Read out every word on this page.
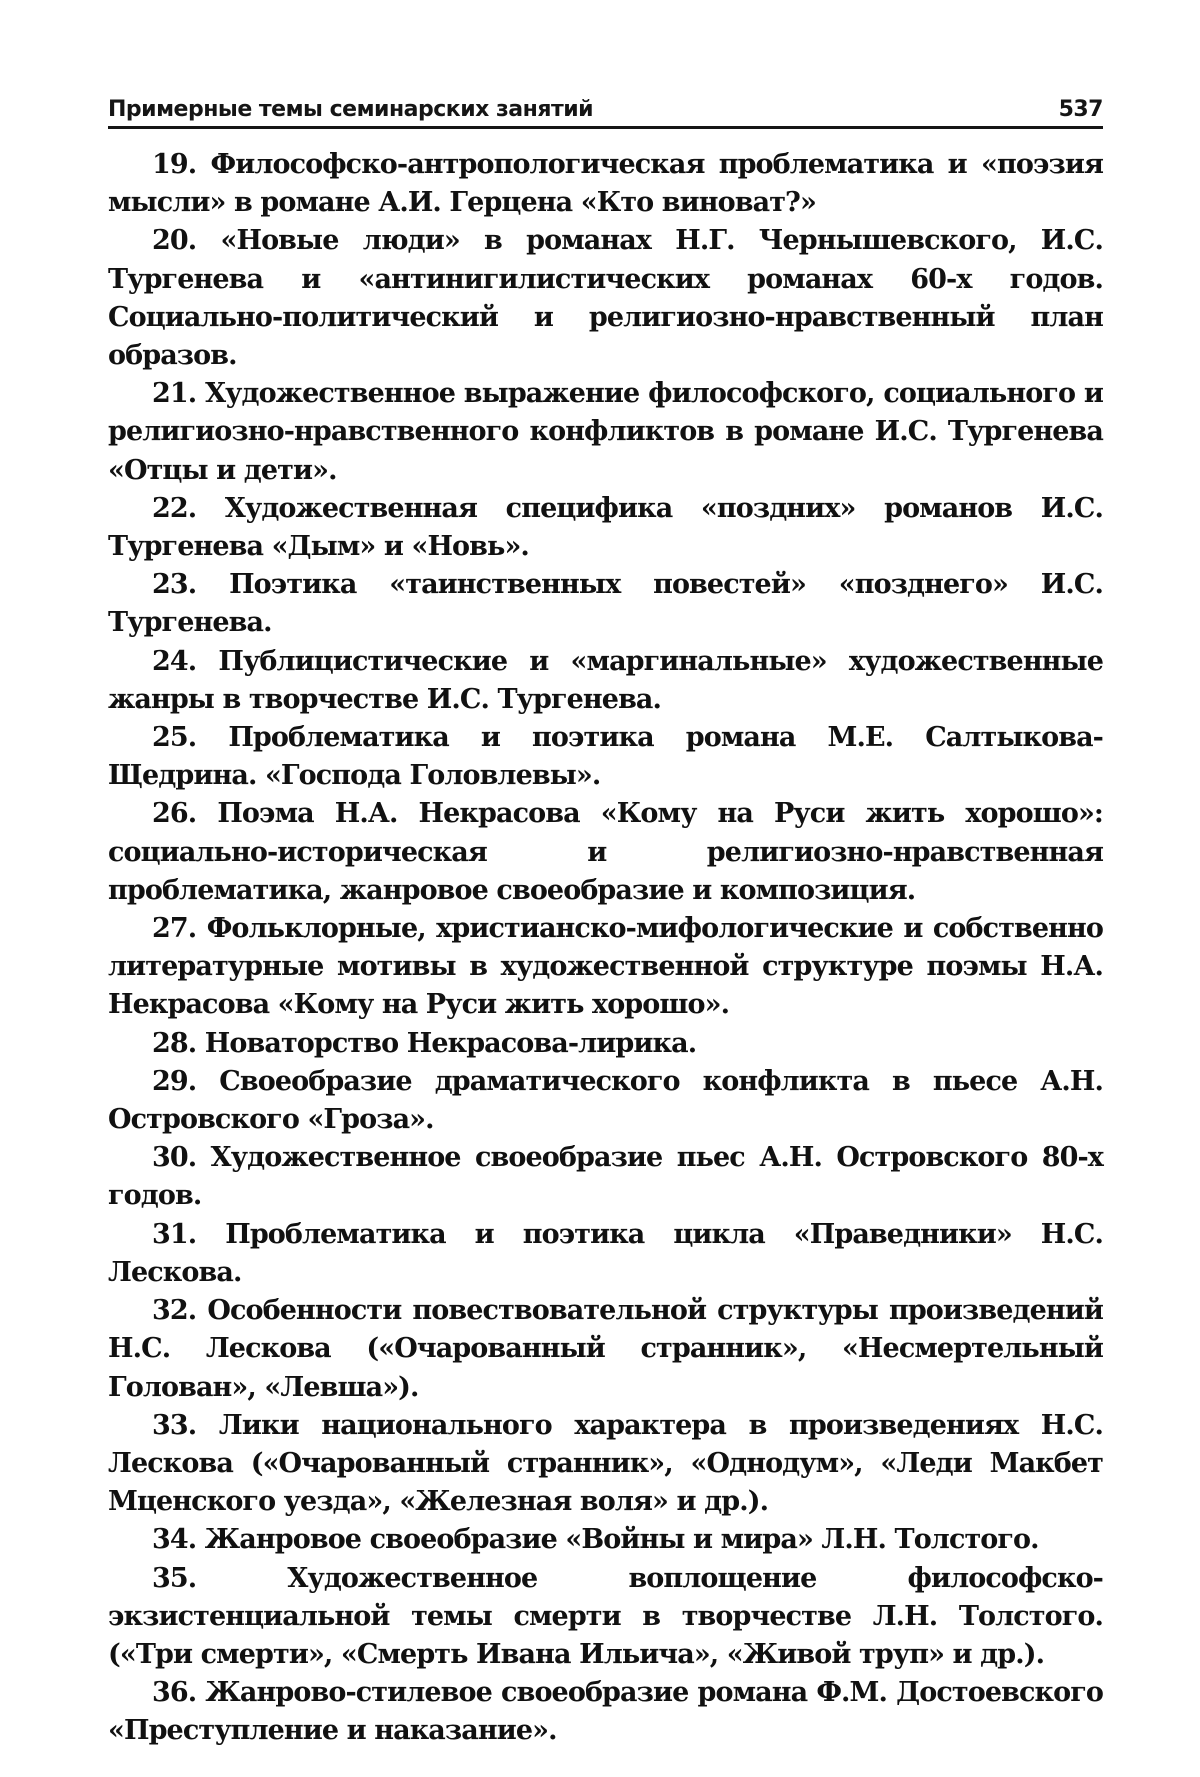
Примерные темы семинарских занятий	537

19. Философско-антропологическая проблематика и «поэзия мысли» в романе А.И. Герцена «Кто виноват?»

20. «Новые люди» в романах Н.Г. Чернышевского, И.С. Тургенева и «антинигилистических романах 60-х годов. Социально-политический и религиозно-нравственный план образов.

21. Художественное выражение философского, социального и религиозно-нравственного конфликтов в романе И.С. Тургенева «Отцы и дети».

22. Художественная специфика «поздних» романов И.С. Тургенева «Дым» и «Новь».

23. Поэтика «таинственных повестей» «позднего» И.С. Тургенева.

24. Публицистические и «маргинальные» художественные жанры в творчестве И.С. Тургенева.

25. Проблематика и поэтика романа М.Е. Салтыкова-Щедрина. «Господа Головлевы».

26. Поэма Н.А. Некрасова «Кому на Руси жить хорошо»: социально-историческая и религиозно-нравственная проблематика, жанровое своеобразие и композиция.

27. Фольклорные, христианско-мифологические и собственно литературные мотивы в художественной структуре поэмы Н.А. Некрасова «Кому на Руси жить хорошо».

28. Новаторство Некрасова-лирика.

29. Своеобразие драматического конфликта в пьесе А.Н. Островского «Гроза».

30. Художественное своеобразие пьес А.Н. Островского 80-х годов.

31. Проблематика и поэтика цикла «Праведники» Н.С. Лескова.

32. Особенности повествовательной структуры произведений Н.С. Лескова («Очарованный странник», «Несмертельный Голован», «Левша»).

33. Лики национального характера в произведениях Н.С. Лескова («Очарованный странник», «Однодум», «Леди Макбет Мценского уезда», «Железная воля» и др.).

34. Жанровое своеобразие «Войны и мира» Л.Н. Толстого.

35. Художественное воплощение философско-экзистенциальной темы смерти в творчестве Л.Н. Толстого. («Три смерти», «Смерть Ивана Ильича», «Живой труп» и др.).

36. Жанрово-стилевое своеобразие романа Ф.М. Достоевского «Преступление и наказание».
